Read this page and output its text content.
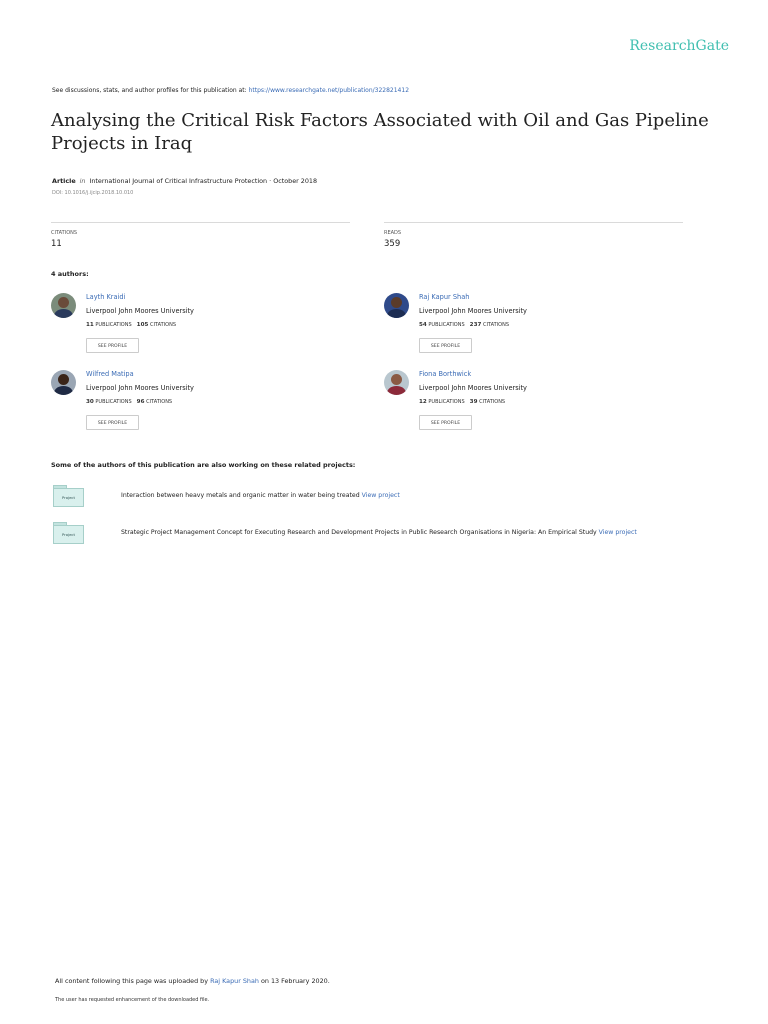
ResearchGate
See discussions, stats, and author profiles for this publication at: https://www.researchgate.net/publication/322821412
Analysing the Critical Risk Factors Associated with Oil and Gas Pipeline Projects in Iraq
Article in International Journal of Critical Infrastructure Protection · October 2018
DOI: 10.1016/j.ijcip.2018.10.010
CITATIONS
11
READS
359
4 authors:
Layth Kraidi
Liverpool John Moores University
11 PUBLICATIONS 105 CITATIONS
SEE PROFILE
Raj Kapur Shah
Liverpool John Moores University
54 PUBLICATIONS 237 CITATIONS
SEE PROFILE
Wilfred Matipa
Liverpool John Moores University
30 PUBLICATIONS 96 CITATIONS
SEE PROFILE
Fiona Borthwick
Liverpool John Moores University
12 PUBLICATIONS 39 CITATIONS
SEE PROFILE
Some of the authors of this publication are also working on these related projects:
Project	Interaction between heavy metals and organic matter in water being treated View project
Project	Strategic Project Management Concept for Executing Research and Development Projects in Public Research Organisations in Nigeria: An Empirical Study View project
All content following this page was uploaded by Raj Kapur Shah on 13 February 2020.
The user has requested enhancement of the downloaded file.
